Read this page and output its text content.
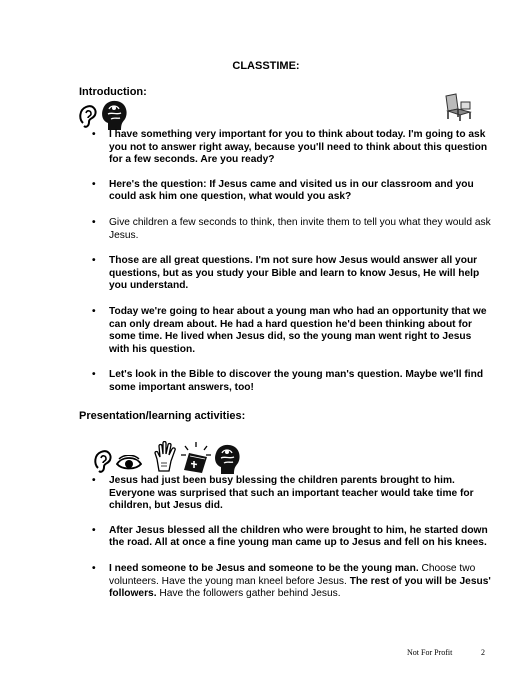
CLASSTIME:
Introduction:
• I have something very important for you to think about today. I'm going to ask you not to answer right away, because you'll need to think about this question for a few seconds. Are you ready?
• Here's the question: If Jesus came and visited us in our classroom and you could ask him one question, what would you ask?
• Give children a few seconds to think, then invite them to tell you what they would ask Jesus.
• Those are all great questions. I'm not sure how Jesus would answer all your questions, but as you study your Bible and learn to know Jesus, He will help you understand.
• Today we're going to hear about a young man who had an opportunity that we can only dream about. He had a hard question he'd been thinking about for some time. He lived when Jesus did, so the young man went right to Jesus with his question.
• Let's look in the Bible to discover the young man's question. Maybe we'll find some important answers, too!
Presentation/learning activities:
• Jesus had just been busy blessing the children parents brought to him. Everyone was surprised that such an important teacher would take time for children, but Jesus did.
• After Jesus blessed all the children who were brought to him, he started down the road. All at once a fine young man came up to Jesus and fell on his knees.
• I need someone to be Jesus and someone to be the young man. Choose two volunteers. Have the young man kneel before Jesus. The rest of you will be Jesus' followers. Have the followers gather behind Jesus.
Not For Profit	2
